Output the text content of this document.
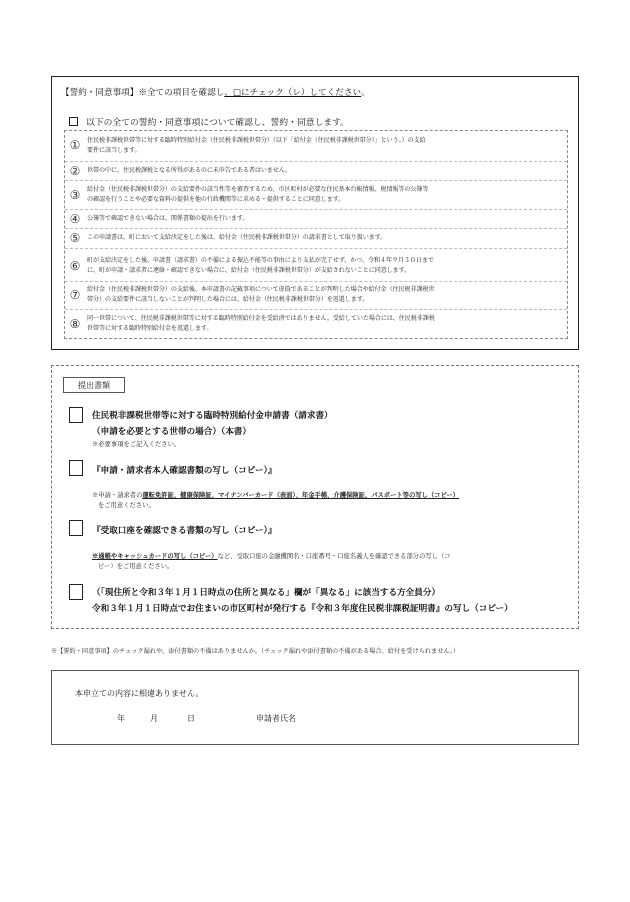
【誓約・同意事項】※全ての項目を確認し、□にチェック（レ）してください。
以下の全ての誓約・同意事項について確認し、誓約・同意します。
① 住民税非課税世帯等に対する臨時特別給付金（住民税非課税世帯分）（以下「給付金（住民税非課税世帯分）」という。）の支給
要件に該当します。
② 世帯の中に、住民税課税となる所得があるのに未申告である者はいません。
③ 給付金（住民税非課税世帯分）の支給要件の該当性等を審査するため、市区町村が必要な住民基本台帳情報、税情報等の公簿等
の確認を行うことや必要な資料の提供を他の行政機関等に求める・提供することに同意します。
④ 公簿等で確認できない場合は、関係書類の提出を行います。
⑤ この申請書は、町において支給決定をした後は、給付金（住民税非課税世帯分）の請求書として取り扱います。
⑥ 町が支給決定をした後、申請書（請求書）の不備による振込不能等の事由により支払が完了せず、かつ、令和４年９月３０日まで
に、町が申請・請求者に連絡・確認できない場合に、給付金（住民税非課税世帯分）が支給されないことに同意します。
⑦ 給付金（住民税非課税世帯分）の支給後、本申請書の記載事項について虚偽であることが判明した場合や給付金（住民税非課税世
帯分）の支給要件に該当しないことが判明した場合には、給付金（住民税非課税世帯分）を返還します。
⑧ 同一世帯について、住民税非課税世帯等に対する臨時特別給付金を受給済ではありません。受給していた場合には、住民税非課税
世帯等に対する臨時特別給付金を返還します。
提出書類
住民税非課税世帯等に対する臨時特別給付金申請書（請求書）
（申請を必要とする世帯の場合）（本書）
※必要事項をご記入ください。
『申請・請求者本人確認書類の写し（コピー）』
※申請・請求者の運転免許証、健康保険証、マイナンバーカード（表面）、年金手帳、介護保険証、パスポート等の写し（コピー）
をご用意ください。
『受取口座を確認できる書類の写し（コピー）』
※通帳やキャッシュカードの写し（コピー）など、受取口座の金融機関名・口座番号・口座名義人を確認できる部分の写し（コ
ピー）をご用意ください。
（「現住所と令和３年１月１日時点の住所と異なる」欄が「異なる」に該当する方全員分）
令和３年１月１日時点でお住まいの市区町村が発行する『令和３年度住民税非課税証明書』の写し（コピー）
※【誓約・同意事項】のチェック漏れや、添付書類の不備はありませんか。（チェック漏れや添付書類の不備がある場合、給付を受けられません。）
本申立ての内容に相違ありません。
年	月	日	申請者氏名
